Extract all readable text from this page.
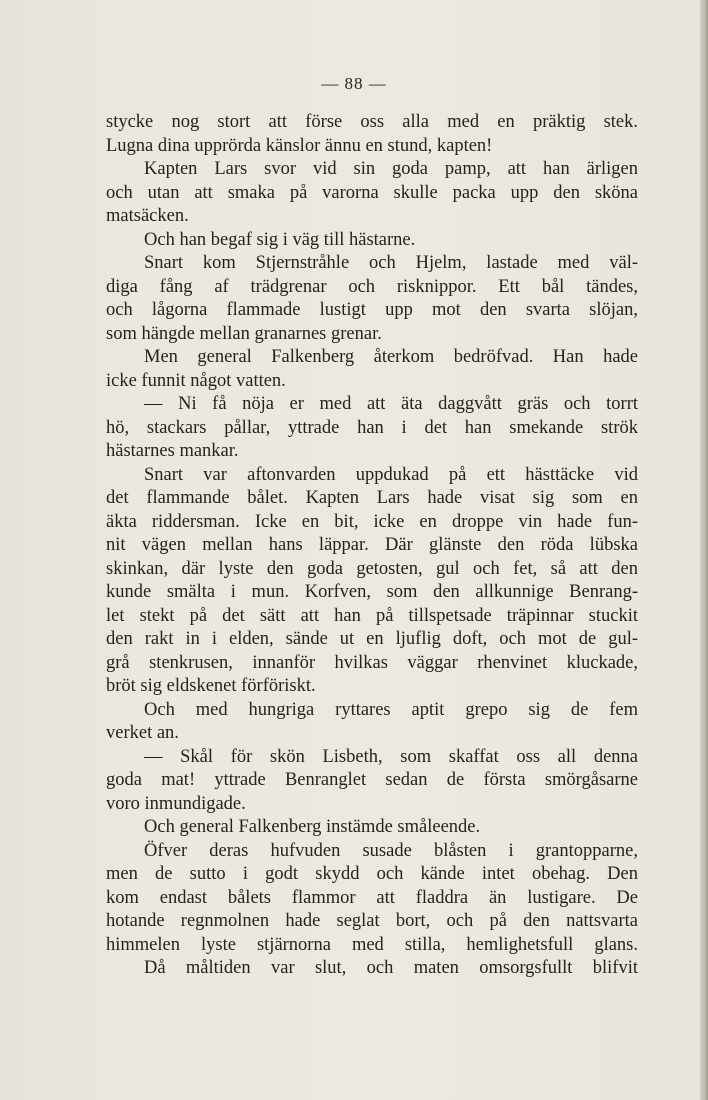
— 88 —
stycke nog stort att förse oss alla med en präktig stek.
Lugna dina upprörda känslor ännu en stund, kapten!
Kapten Lars svor vid sin goda pamp, att han ärligen
och utan att smaka på varorna skulle packa upp den sköna
matsäcken.
Och han begaf sig i väg till hästarne.
Snart kom Stjernstråhle och Hjelm, lastade med väl-
diga fång af trädgrenar och risknippor. Ett bål tändes,
och lågorna flammade lustigt upp mot den svarta slöjan,
som hängde mellan granarnes grenar.
Men general Falkenberg återkom bedröfvad. Han hade
icke funnit något vatten.
— Ni få nöja er med att äta daggvått gräs och torrt
hö, stackars pållar, yttrade han i det han smekande strök
hästarnes mankar.
Snart var aftonvarden uppdukad på ett hästtäcke vid
det flammande bålet. Kapten Lars hade visat sig som en
äkta riddersman. Icke en bit, icke en droppe vin hade fun-
nit vägen mellan hans läppar. Där glänste den röda lübska
skinkan, där lyste den goda getosten, gul och fet, så att den
kunde smälta i mun. Korfven, som den allkunnige Benrang-
let stekt på det sätt att han på tillspetsade träpinnar stuckit
den rakt in i elden, sände ut en ljuflig doft, och mot de gul-
grå stenkrusen, innanför hvilkas väggar rhenvinet kluckade,
bröt sig eldskenet förföriskt.
Och med hungriga ryttares aptit grepo sig de fem
verket an.
— Skål för skön Lisbeth, som skaffat oss all denna
goda mat! yttrade Benranglet sedan de första smörgåsarne
voro inmundigade.
Och general Falkenberg instämde småleende.
Öfver deras hufvuden susade blåsten i grantopparne,
men de sutto i godt skydd och kände intet obehag. Den
kom endast bålets flammor att fladdra än lustigare. De
hotande regnmolnen hade seglat bort, och på den nattsvarta
himmelen lyste stjärnorna med stilla, hemlighetsfull glans.
Då måltiden var slut, och maten omsorgsfullt blifvit
